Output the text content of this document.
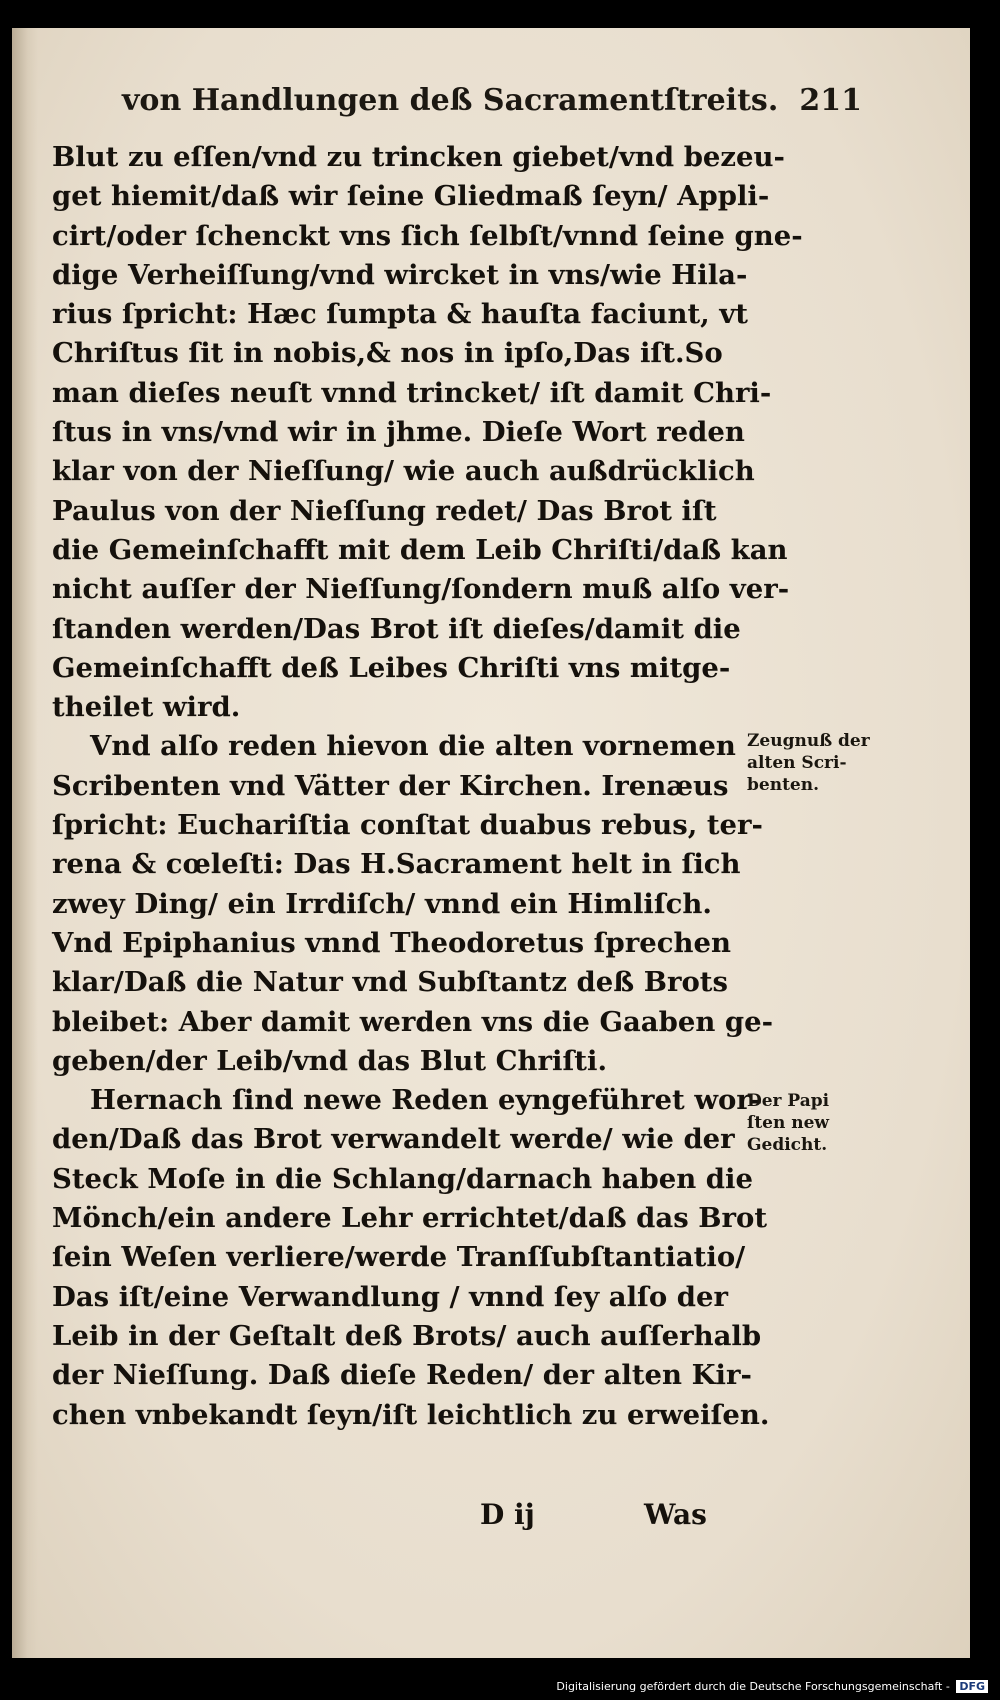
von Handlungen deß Sacramentſtreits. 211
Blut zu eſſen/vnd zu trincken giebet/vnd bezeu-
get hiemit/daß wir ſeine Gliedmaß ſeyn/ Appli-
cirt/oder ſchenckt vns ſich ſelbſt/vnnd ſeine gne-
dige Verheiſſung/vnd wircket in vns/wie Hila-
rius ſpricht: Hæc ſumpta & hauſta faciunt, vt
Chriſtus ſit in nobis,& nos in ipſo,Das iſt.So
man dieſes neuſt vnnd trincket/ iſt damit Chri-
ſtus in vns/vnd wir in jhme. Dieſe Wort reden
klar von der Nieſſung/ wie auch außdrücklich
Paulus von der Nieſſung redet/ Das Brot iſt
die Gemeinſchafft mit dem Leib Chriſti/daß kan
nicht auſſer der Nieſſung/ſondern muß alſo ver-
ſtanden werden/Das Brot iſt dieſes/damit die
Gemeinſchafft deß Leibes Chriſti vns mitge-
theilet wird.
Vnd alſo reden hievon die alten vornemen
Scribenten vnd Vätter der Kirchen. Irenæus
ſpricht: Euchariſtia conſtat duabus rebus, ter-
rena & cœleſti: Das H.Sacrament helt in ſich
zwey Ding/ ein Irrdiſch/ vnnd ein Himliſch.
Vnd Epiphanius vnnd Theodoretus ſprechen
klar/Daß die Natur vnd Subſtantz deß Brots
bleibet: Aber damit werden vns die Gaaben ge-
geben/der Leib/vnd das Blut Chriſti.
Hernach ſind newe Reden eyngeführet wor-
den/Daß das Brot verwandelt werde/ wie der
Steck Moſe in die Schlang/darnach haben die
Mönch/ein andere Lehr errichtet/daß das Brot
ſein Weſen verliere/werde Tranſſubſtantiatio/
Das iſt/eine Verwandlung / vnnd ſey alſo der
Leib in der Geſtalt deß Brots/ auch auſſerhalb
der Nieſſung. Daß dieſe Reden/ der alten Kir-
chen vnbekandt ſeyn/iſt leichtlich zu erweiſen.
Zeugnuß der
alten Scri-
benten.
Der Papi
ſten new
Gedicht.
D ij	Was
Digitalisierung gefördert durch die Deutsche Forschungsgemeinschaft - DFG
